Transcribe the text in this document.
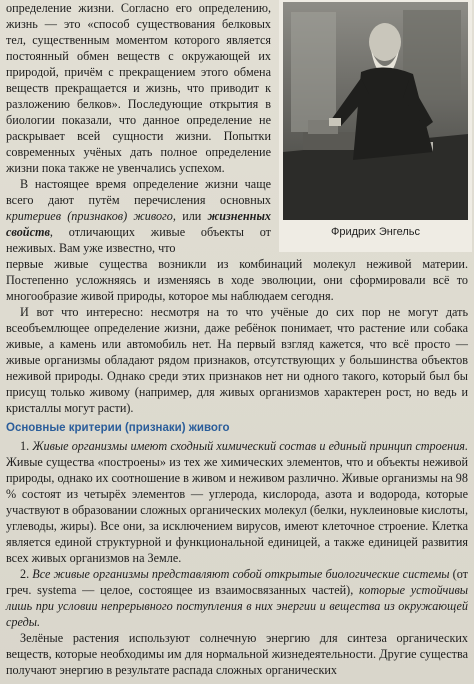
определение жизни. Согласно его определению, жизнь — это «способ существования белковых тел, существенным моментом которого является постоянный обмен веществ с окружающей их природой, причём с прекращением этого обмена веществ прекращается и жизнь, что приводит к разложению белков». Последующие открытия в биологии показали, что данное определение не раскрывает всей сущности жизни. Попытки современных учёных дать полное определение жизни пока также не увенчались успехом.

В настоящее время определение жизни чаще всего дают путём перечисления основных критериев (признаков) живого, или жизненных свойств, отличающих живые объекты от неживых. Вам уже известно, что

Фридрих Энгельс

первые живые существа возникли из комбинаций молекул неживой материи. Постепенно усложняясь и изменяясь в ходе эволюции, они сформировали всё то многообразие живой природы, которое мы наблюдаем сегодня.

И вот что интересно: несмотря на то что учёные до сих пор не могут дать всеобъемлющее определение жизни, даже ребёнок понимает, что растение или собака живые, а камень или автомобиль нет. На первый взгляд кажется, что всё просто — живые организмы обладают рядом признаков, отсутствующих у большинства объектов неживой природы. Однако среди этих признаков нет ни одного такого, который был бы присущ только живому (например, для живых организмов характерен рост, но ведь и кристаллы могут расти).

Основные критерии (признаки) живого

1. Живые организмы имеют сходный химический состав и единый принцип строения. Живые существа «построены» из тех же химических элементов, что и объекты неживой природы, однако их соотношение в живом и неживом различно. Живые организмы на 98 % состоят из четырёх элементов — углерода, кислорода, азота и водорода, которые участвуют в образовании сложных органических молекул (белки, нуклеиновые кислоты, углеводы, жиры). Все они, за исключением вирусов, имеют клеточное строение. Клетка является единой структурной и функциональной единицей, а также единицей развития всех живых организмов на Земле.

2. Все живые организмы представляют собой открытые биологические системы (от греч. systema — целое, состоящее из взаимосвязанных частей), которые устойчивы лишь при условии непрерывного поступления в них энергии и вещества из окружающей среды.

Зелёные растения используют солнечную энергию для синтеза органических веществ, которые необходимы им для нормальной жизнедеятельности. Другие существа получают энергию в результате распада сложных органических
